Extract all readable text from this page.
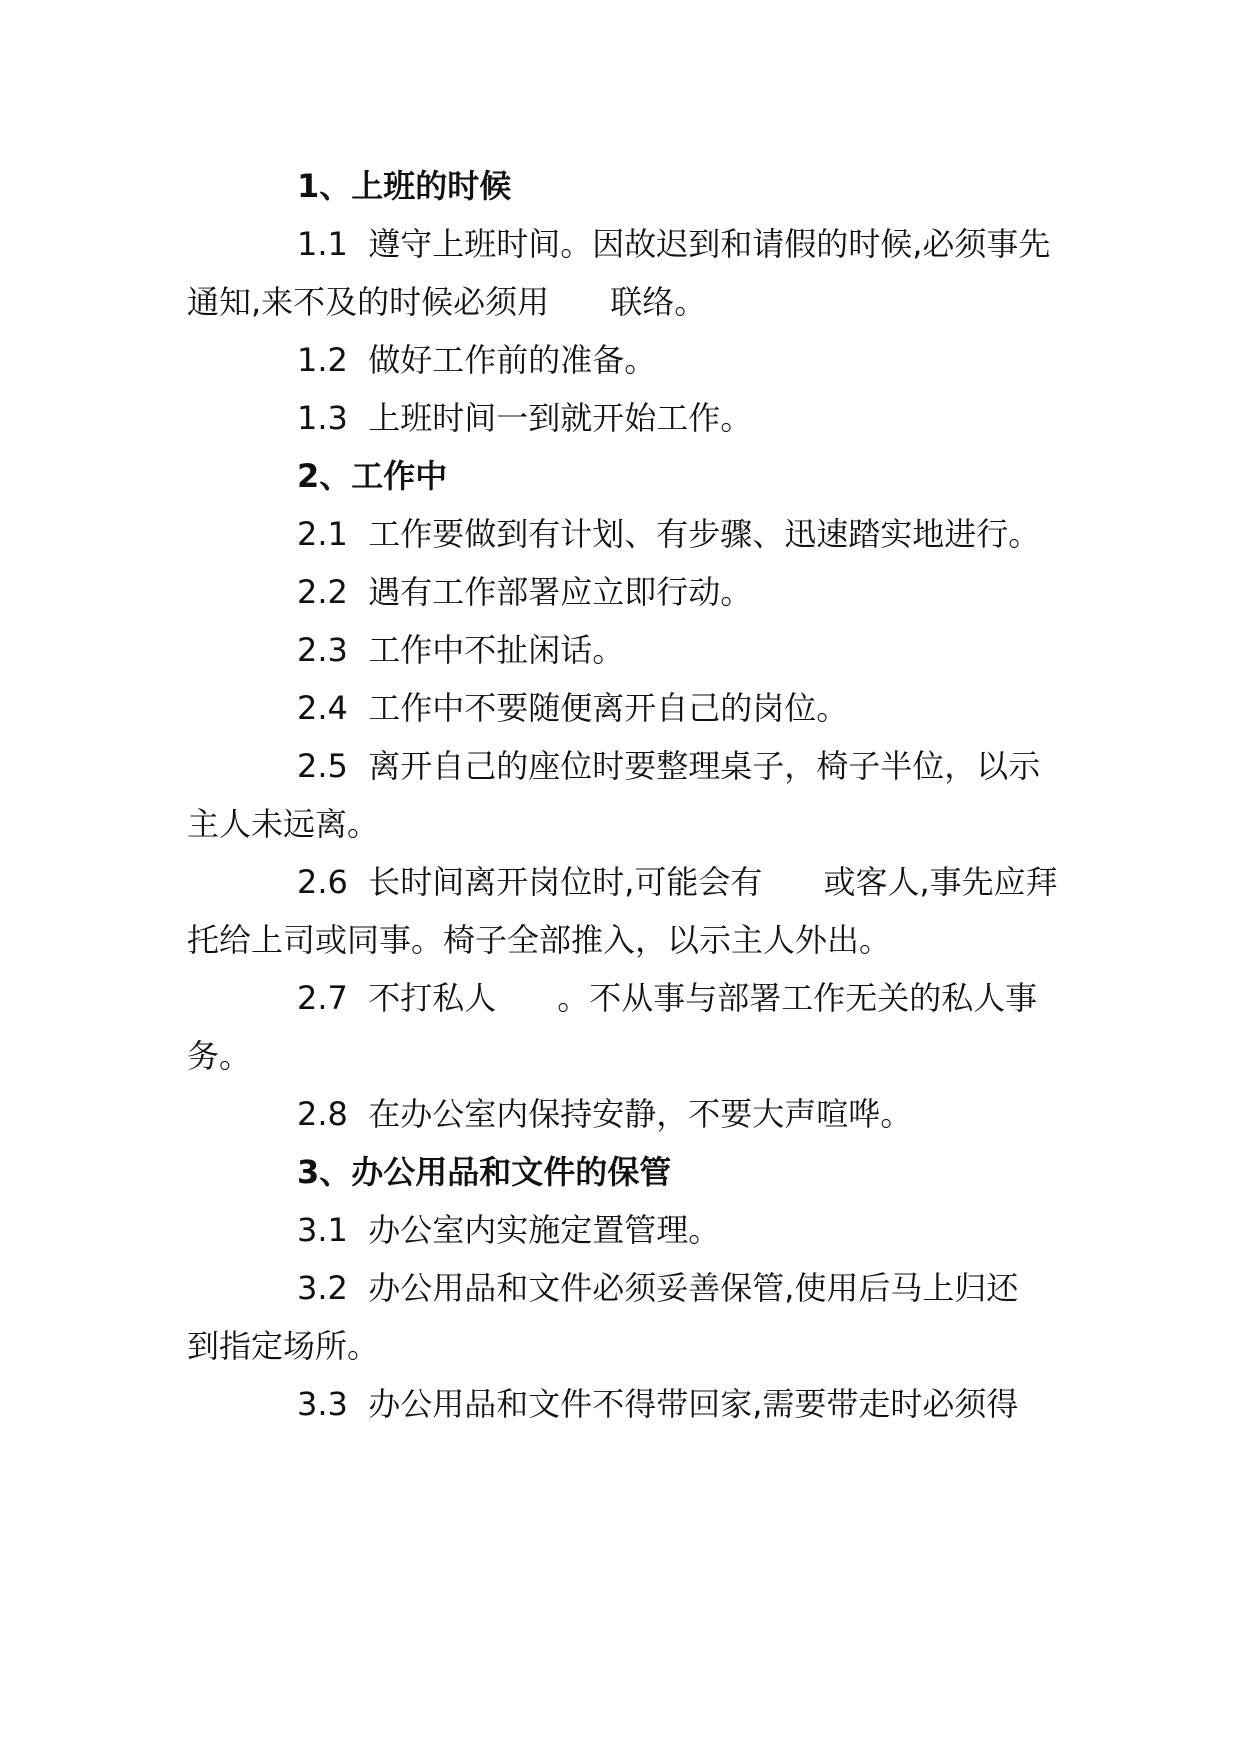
1、上班的时候
1.1  遵守上班时间。因故迟到和请假的时候,必须事先
通知,来不及的时候必须用      联络。
1.2  做好工作前的准备。
1.3  上班时间一到就开始工作。
2、工作中
2.1  工作要做到有计划、有步骤、迅速踏实地进行。
2.2  遇有工作部署应立即行动。
2.3  工作中不扯闲话。
2.4  工作中不要随便离开自己的岗位。
2.5  离开自己的座位时要整理桌子，椅子半位，以示
主人未远离。
2.6  长时间离开岗位时,可能会有      或客人,事先应拜
托给上司或同事。椅子全部推入，以示主人外出。
2.7  不打私人      。不从事与部署工作无关的私人事
务。
2.8  在办公室内保持安静，不要大声喧哗。
3、办公用品和文件的保管
3.1  办公室内实施定置管理。
3.2  办公用品和文件必须妥善保管,使用后马上归还
到指定场所。
3.3  办公用品和文件不得带回家,需要带走时必须得
